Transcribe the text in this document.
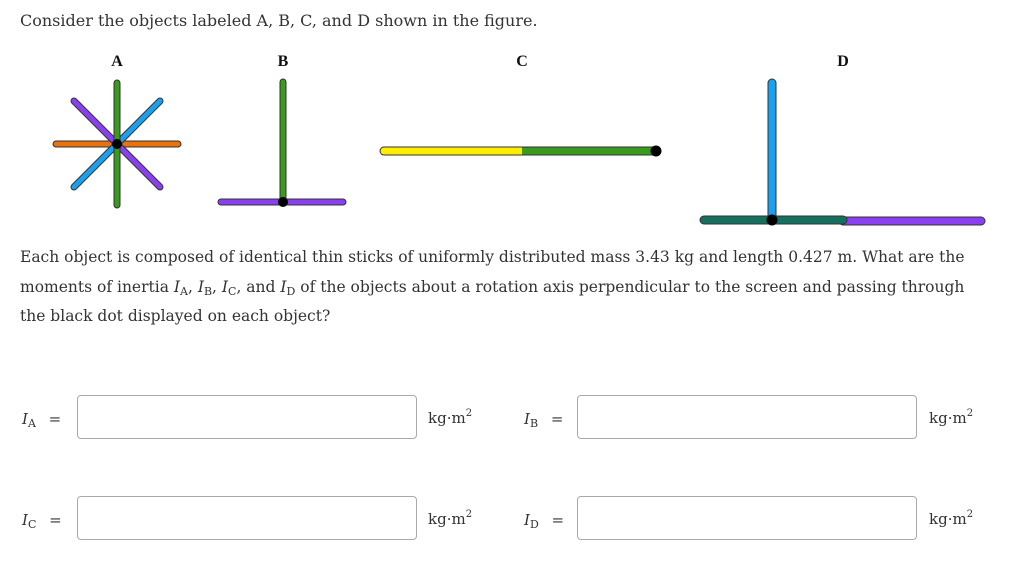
Consider the objects labeled A, B, C, and D shown in the figure.
A	B	C	D

Each object is composed of identical thin sticks of uniformly distributed mass 3.43 kg and length 0.427 m. What are the moments of inertia $I_A$, $I_B$, $I_C$, and $I_D$ of the objects about a rotation axis perpendicular to the screen and passing through the black dot displayed on each object?

$I_A$ =	$kg\cdot m^2$	$I_B$ =	$kg\cdot m^2$
$I_C$ =	$kg\cdot m^2$	$I_D$ =	$kg\cdot m^2$
